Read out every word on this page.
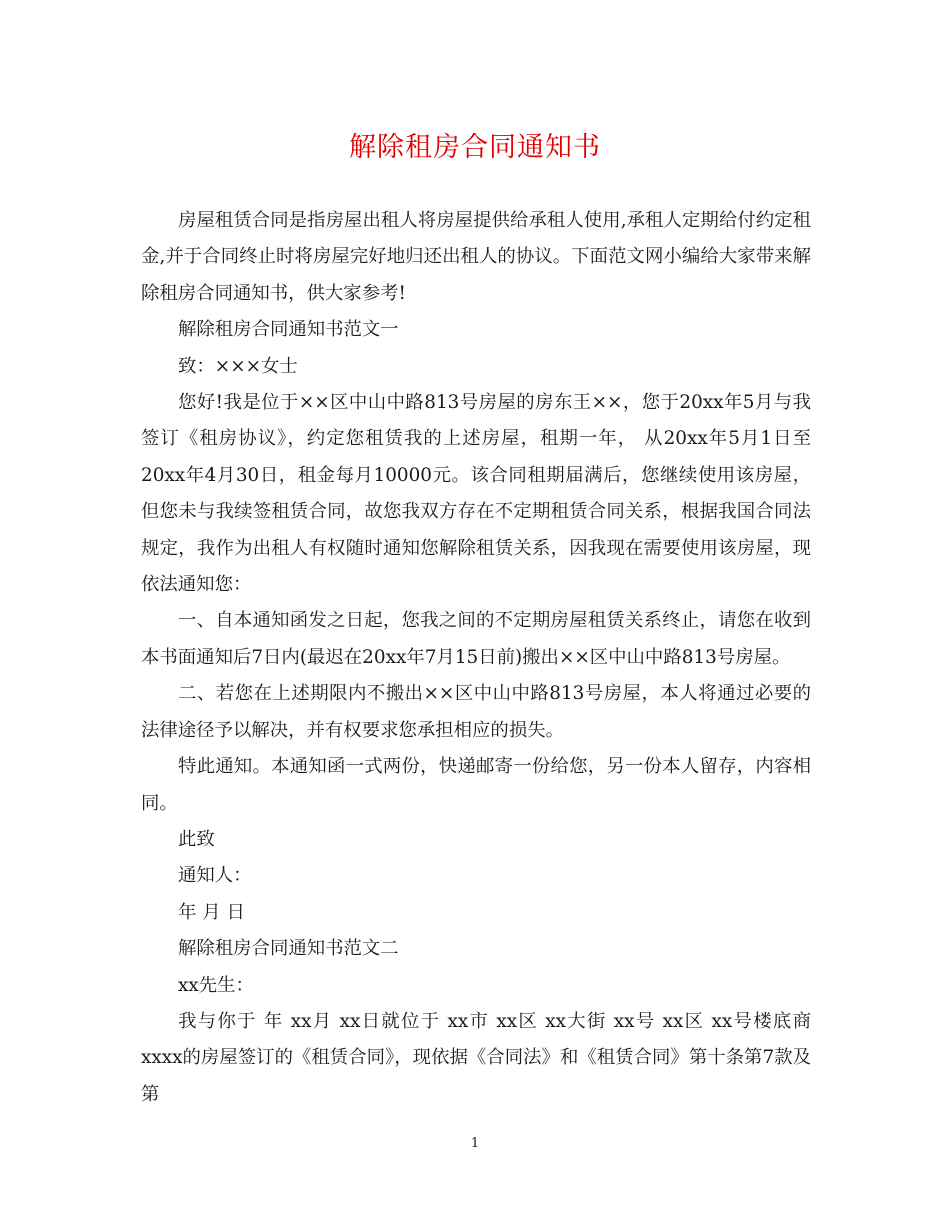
解除租房合同通知书

房屋租赁合同是指房屋出租人将房屋提供给承租人使用,承租人定期给付约定租金,并于合同终止时将房屋完好地归还出租人的协议。下面范文网小编给大家带来解除租房合同通知书，供大家参考!

解除租房合同通知书范文一

致：×××女士

您好!我是位于××区中山中路813号房屋的房东王××，您于20xx年5月与我签订《租房协议》，约定您租赁我的上述房屋，租期一年， 从20xx年5月1日至20xx年4月30日，租金每月10000元。该合同租期届满后，您继续使用该房屋，但您未与我续签租赁合同，故您我双方存在不定期租赁合同关系，根据我国合同法规定，我作为出租人有权随时通知您解除租赁关系，因我现在需要使用该房屋，现依法通知您：

一、自本通知函发之日起，您我之间的不定期房屋租赁关系终止，请您在收到本书面通知后7日内(最迟在20xx年7月15日前)搬出××区中山中路813号房屋。

二、若您在上述期限内不搬出××区中山中路813号房屋，本人将通过必要的法律途径予以解决，并有权要求您承担相应的损失。

特此通知。本通知函一式两份，快递邮寄一份给您，另一份本人留存，内容相同。

此致

通知人：

年 月 日

解除租房合同通知书范文二

xx先生：

我与你于 年 xx月 xx日就位于 xx市 xx区 xx大街 xx号 xx区 xx号楼底商 xxxx的房屋签订的《租赁合同》，现依据《合同法》和《租赁合同》第十条第7款及第

1
